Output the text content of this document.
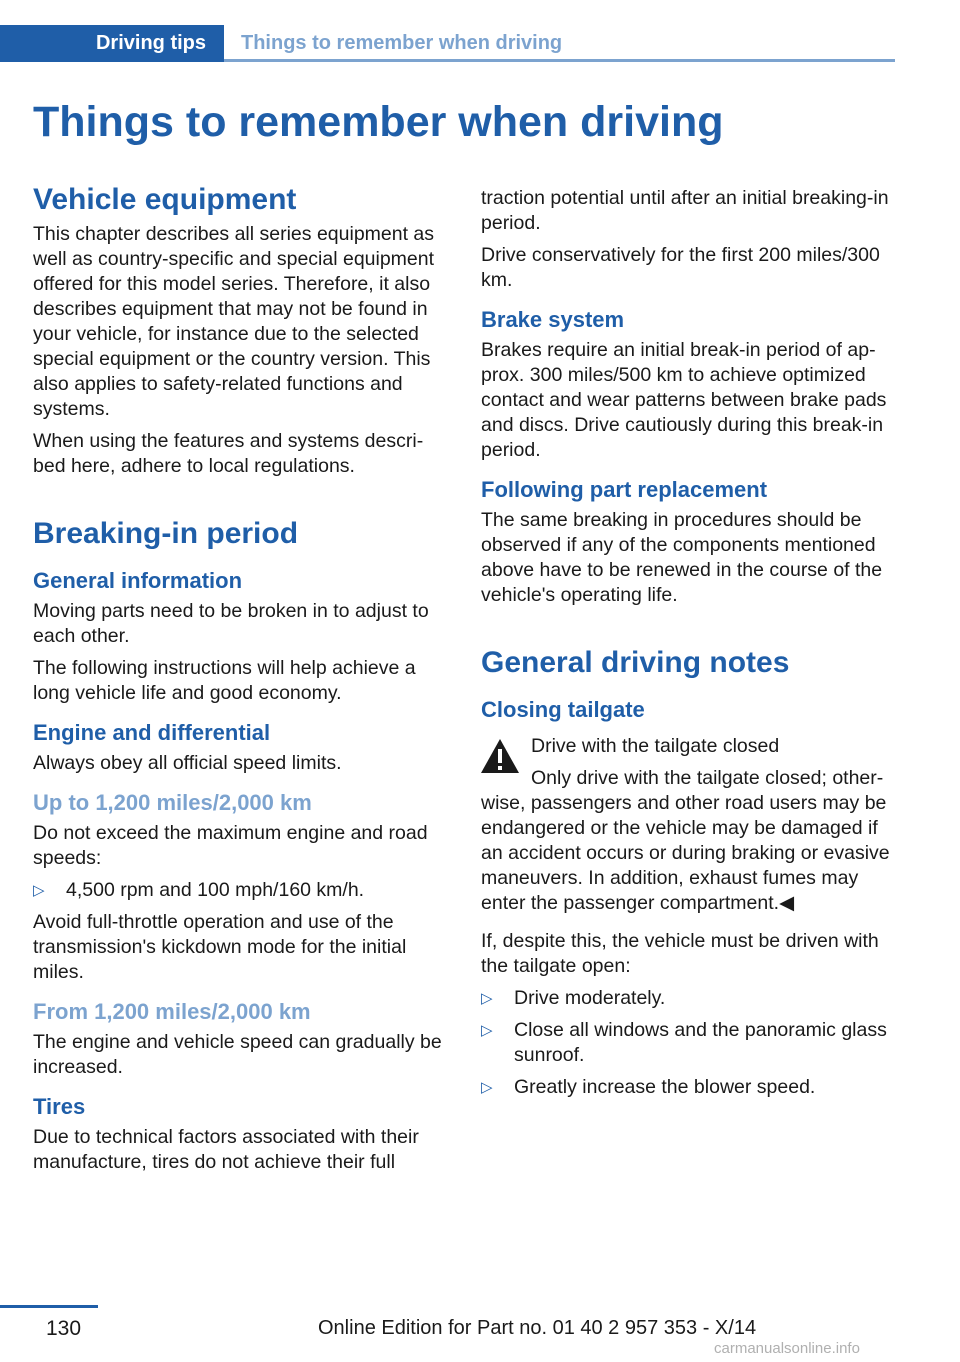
Driving tips Things to remember when driving
Things to remember when driving
Vehicle equipment

This chapter describes all series equipment as well as country-specific and special equipment offered for this model series. Therefore, it also describes equipment that may not be found in your vehicle, for instance due to the selected special equipment or the country version. This also applies to safety-related functions and systems.

When using the features and systems described here, adhere to local regulations.

Breaking-in period
General information

Moving parts need to be broken in to adjust to each other.

The following instructions will help achieve a long vehicle life and good economy.

Engine and differential

Always obey all official speed limits.

Up to 1,200 miles/2,000 km

Do not exceed the maximum engine and road speeds:

▷ 4,500 rpm and 100 mph/160 km/h.

Avoid full-throttle operation and use of the transmission's kickdown mode for the initial miles.

From 1,200 miles/2,000 km

The engine and vehicle speed can gradually be increased.

Tires

Due to technical factors associated with their manufacture, tires do not achieve their full

traction potential until after an initial breaking-in period.

Drive conservatively for the first 200 miles/300 km.

Brake system

Brakes require an initial break-in period of approx. 300 miles/500 km to achieve optimized contact and wear patterns between brake pads and discs. Drive cautiously during this break-in period.

Following part replacement

The same breaking in procedures should be observed if any of the components mentioned above have to be renewed in the course of the vehicle's operating life.

General driving notes
Closing tailgate

Drive with the tailgate closed

Only drive with the tailgate closed; otherwise, passengers and other road users may be endangered or the vehicle may be damaged if an accident occurs or during braking or evasive maneuvers. In addition, exhaust fumes may enter the passenger compartment.◀

If, despite this, the vehicle must be driven with the tailgate open:

▷ Drive moderately.
▷ Close all windows and the panoramic glass sunroof.
▷ Greatly increase the blower speed.
130	Online Edition for Part no. 01 40 2 957 353 - X/14
carmanualsonline.info
